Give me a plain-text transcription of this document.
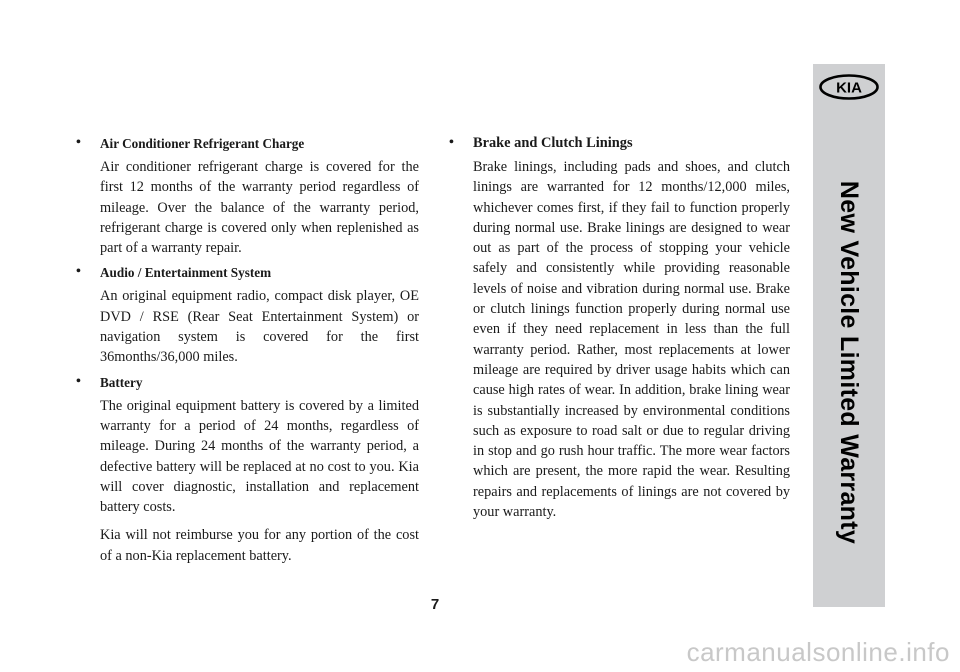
• Air Conditioner Refrigerant Charge
Air conditioner refrigerant charge is covered for the first 12 months of the warranty period regardless of mileage. Over the balance of the warranty period, refrigerant charge is covered only when replenished as part of a warranty repair.
• Audio / Entertainment System
An original equipment radio, compact disk player, OE DVD / RSE (Rear Seat Entertainment System) or navigation system is covered for the first 36months/36,000 miles.
• Battery
The original equipment battery is covered by a limited warranty for a period of 24 months, regardless of mileage. During 24 months of the warranty period, a defective battery will be replaced at no cost to you. Kia will cover diagnostic, installation and replacement battery costs.
Kia will not reimburse you for any portion of the cost of a non-Kia replacement battery.
• Brake and Clutch Linings
Brake linings, including pads and shoes, and clutch linings are warranted for 12 months/12,000 miles, whichever comes first, if they fail to function properly during normal use. Brake linings are designed to wear out as part of the process of stopping your vehicle safely and consistently while providing reasonable levels of noise and vibration during normal use. Brake or clutch linings function properly during normal use even if they need replacement in less than the full warranty period. Rather, most replacements at lower mileage are required by driver usage habits which can cause high rates of wear. In addition, brake lining wear is substantially increased by environmental conditions such as exposure to road salt or due to regular driving in stop and go rush hour traffic. The more wear factors which are present, the more rapid the wear. Resulting repairs and replacements of linings are not covered by your warranty.
7
KIA
New Vehicle Limited Warranty
carmanualsonline.info
